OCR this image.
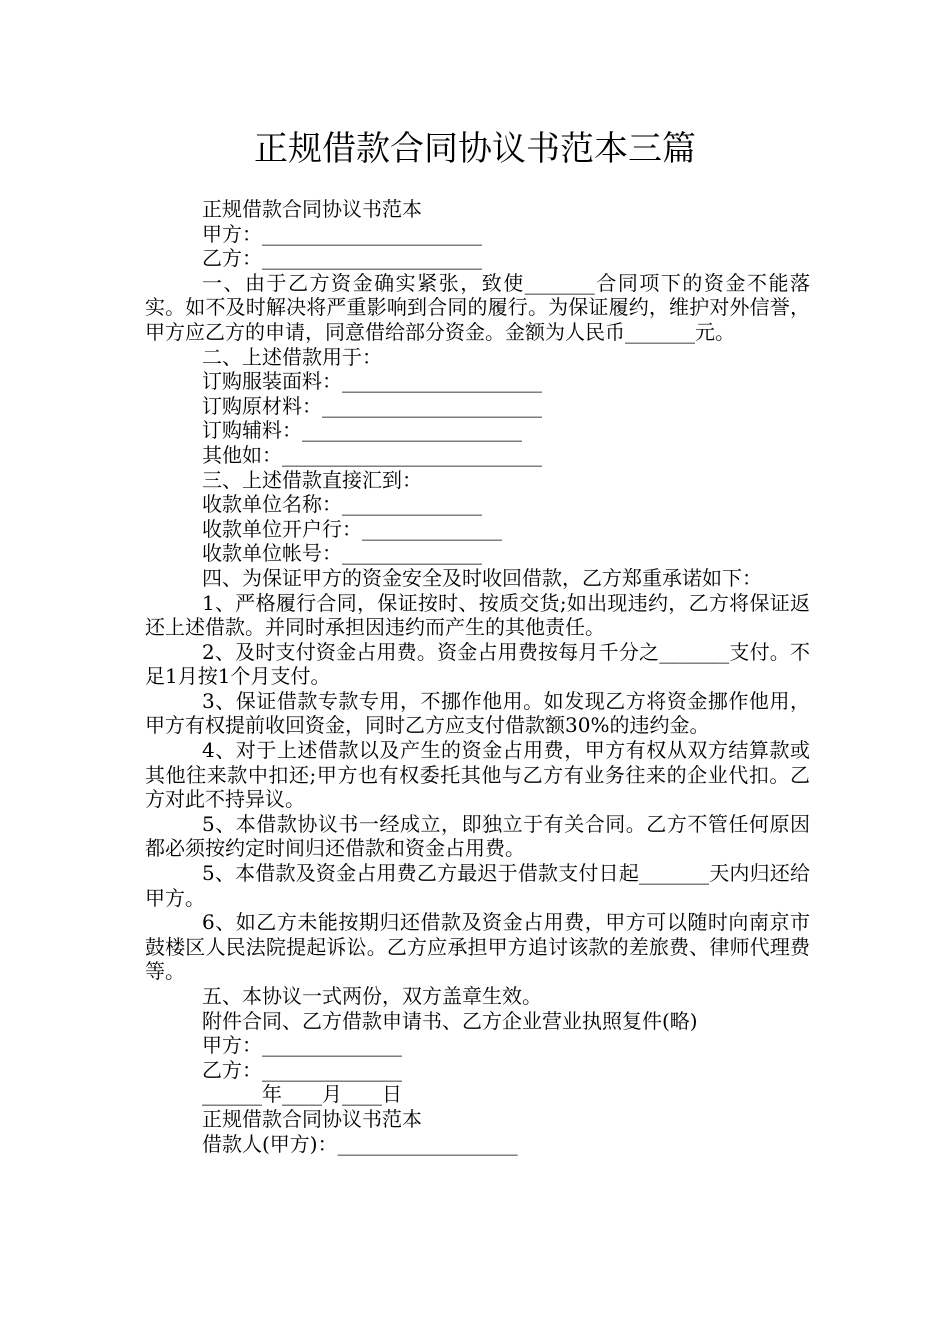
正规借款合同协议书范本三篇

正规借款合同协议书范本

甲方：______________________

乙方：______________________

一、由于乙方资金确实紧张，致使_______合同项下的资金不能落实。如不及时解决将严重影响到合同的履行。为保证履约，维护对外信誉，甲方应乙方的申请，同意借给部分资金。金额为人民币_______元。

二、上述借款用于：

订购服装面料：____________________

订购原材料：______________________

订购辅料：______________________

其他如：__________________________

三、上述借款直接汇到：

收款单位名称：______________

收款单位开户行：______________

收款单位帐号：______________

四、为保证甲方的资金安全及时收回借款，乙方郑重承诺如下：

1、严格履行合同，保证按时、按质交货;如出现违约，乙方将保证返还上述借款。并同时承担因违约而产生的其他责任。

2、及时支付资金占用费。资金占用费按每月千分之_______支付。不足1月按1个月支付。

3、保证借款专款专用，不挪作他用。如发现乙方将资金挪作他用，甲方有权提前收回资金，同时乙方应支付借款额30%的违约金。

4、对于上述借款以及产生的资金占用费，甲方有权从双方结算款或其他往来款中扣还;甲方也有权委托其他与乙方有业务往来的企业代扣。乙方对此不持异议。

5、本借款协议书一经成立，即独立于有关合同。乙方不管任何原因都必须按约定时间归还借款和资金占用费。

5、本借款及资金占用费乙方最迟于借款支付日起_______天内归还给甲方。

6、如乙方未能按期归还借款及资金占用费，甲方可以随时向南京市鼓楼区人民法院提起诉讼。乙方应承担甲方追讨该款的差旅费、律师代理费等。

五、本协议一式两份，双方盖章生效。

附件合同、乙方借款申请书、乙方企业营业执照复件(略)

甲方：______________

乙方：______________

______年____月____日

正规借款合同协议书范本

借款人(甲方)：__________________
